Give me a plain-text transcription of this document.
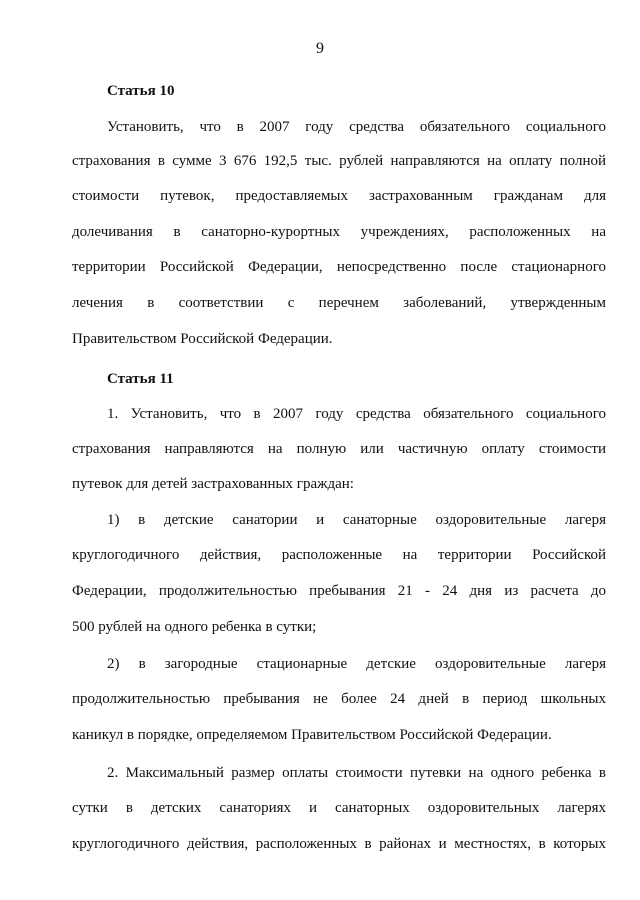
9
Статья 10
Установить, что в 2007 году средства обязательного социального
страхования в сумме 3 676 192,5 тыс. рублей направляются на оплату полной
стоимости путевок, предоставляемых застрахованным гражданам для
долечивания в санаторно-курортных учреждениях, расположенных на
территории Российской Федерации, непосредственно после стационарного
лечения в соответствии с перечнем заболеваний, утвержденным
Правительством Российской Федерации.
Статья 11
1. Установить, что в 2007 году средства обязательного социального
страхования направляются на полную или частичную оплату стоимости
путевок для детей застрахованных граждан:
1) в детские санатории и санаторные оздоровительные лагеря
круглогодичного действия, расположенные на территории Российской
Федерации, продолжительностью пребывания 21 - 24 дня из расчета до
500 рублей на одного ребенка в сутки;
2) в загородные стационарные детские оздоровительные лагеря
продолжительностью пребывания не более 24 дней в период школьных
каникул в порядке, определяемом Правительством Российской Федерации.
2. Максимальный размер оплаты стоимости путевки на одного ребенка в
сутки в детских санаториях и санаторных оздоровительных лагерях
круглогодичного действия, расположенных в районах и местностях, в которых
